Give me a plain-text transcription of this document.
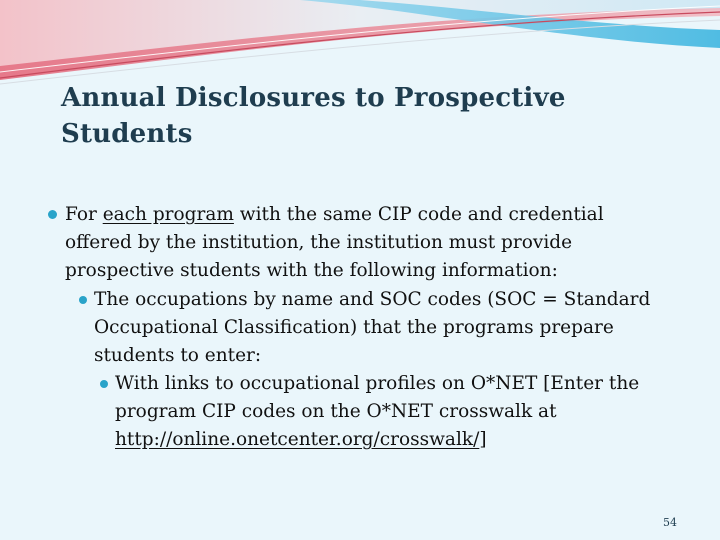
Annual Disclosures to Prospective
Students
For each program with the same CIP code and credential
offered by the institution, the institution must provide
prospective students with the following information:
The occupations by name and SOC codes (SOC = Standard
Occupational Classification) that the programs prepare
students to enter:
With links to occupational profiles on O*NET [Enter the
program CIP codes on the O*NET crosswalk at
http://online.onetcenter.org/crosswalk/]
54
